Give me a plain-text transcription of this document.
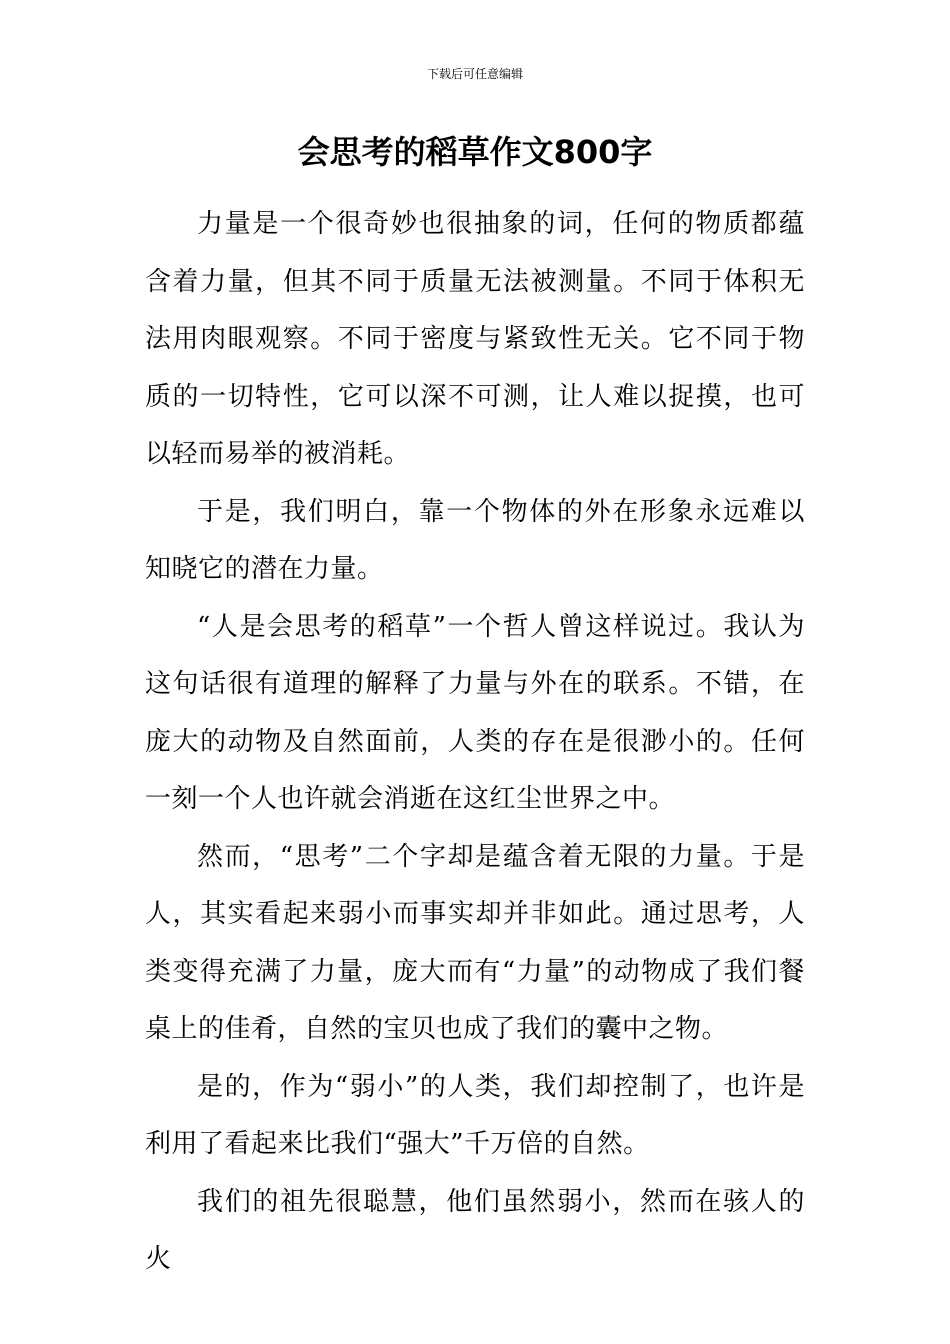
下载后可任意编辑
会思考的稻草作文800字

力量是一个很奇妙也很抽象的词，任何的物质都蕴含着力量，但其不同于质量无法被测量。不同于体积无法用肉眼观察。不同于密度与紧致性无关。它不同于物质的一切特性，它可以深不可测，让人难以捉摸，也可以轻而易举的被消耗。

于是，我们明白，靠一个物体的外在形象永远难以知晓它的潜在力量。

“人是会思考的稻草”一个哲人曾这样说过。我认为这句话很有道理的解释了力量与外在的联系。不错，在庞大的动物及自然面前，人类的存在是很渺小的。任何一刻一个人也许就会消逝在这红尘世界之中。

然而，“思考”二个字却是蕴含着无限的力量。于是人，其实看起来弱小而事实却并非如此。通过思考，人类变得充满了力量，庞大而有“力量”的动物成了我们餐桌上的佳肴，自然的宝贝也成了我们的囊中之物。

是的，作为“弱小”的人类，我们却控制了，也许是利用了看起来比我们“强大”千万倍的自然。

我们的祖先很聪慧，他们虽然弱小，然而在骇人的火
